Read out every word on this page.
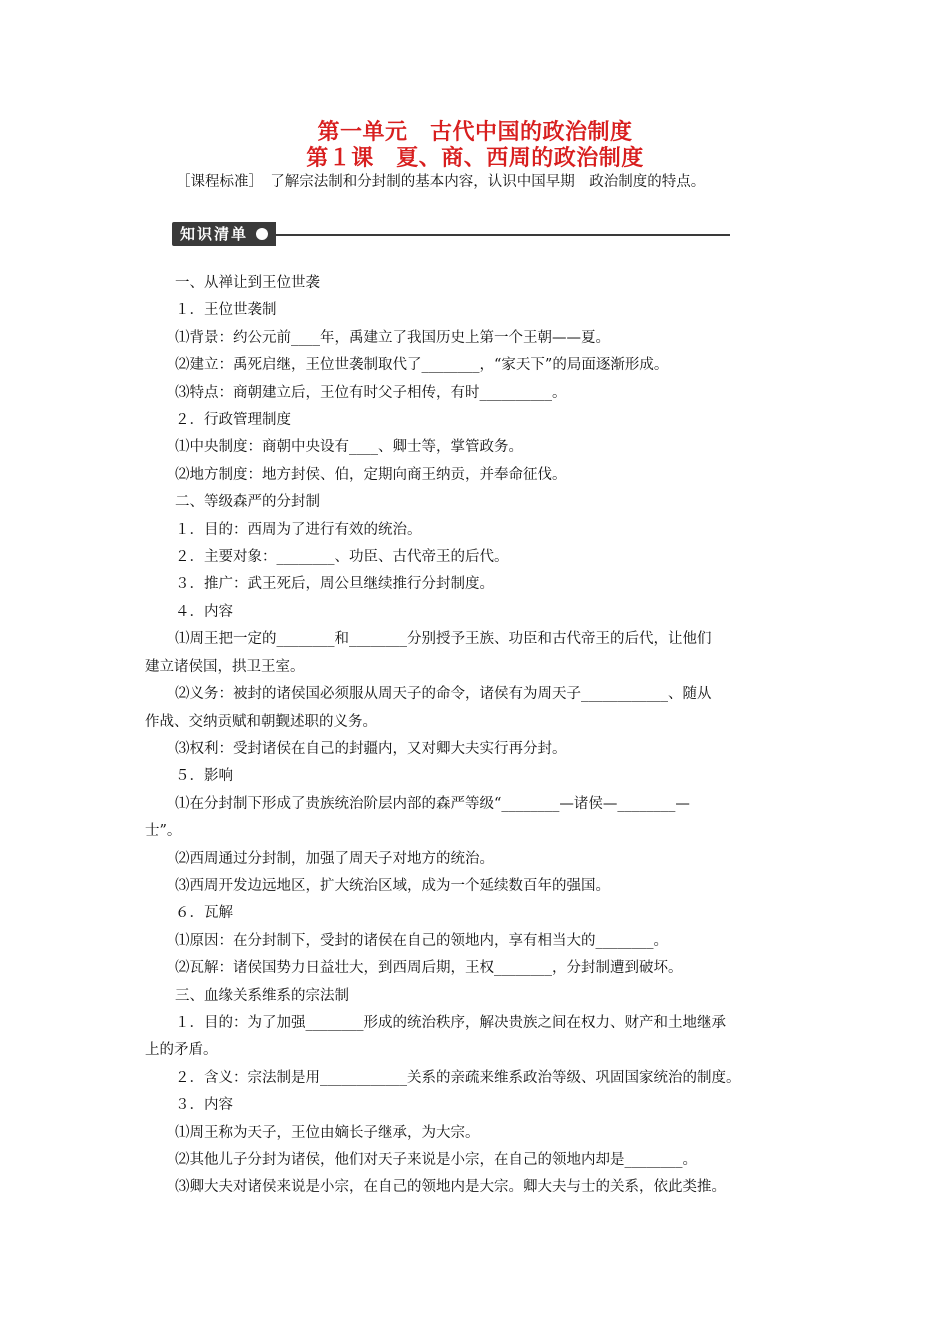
第一单元　古代中国的政治制度
第１课　夏、商、西周的政治制度
［课程标准］　了解宗法制和分封制的基本内容，认识中国早期　政治制度的特点。
知识清单
一、从禅让到王位世袭
１．王位世袭制
⑴背景：约公元前____年，禹建立了我国历史上第一个王朝——夏。
⑵建立：禹死启继，王位世袭制取代了________，“家天下”的局面逐渐形成。
⑶特点：商朝建立后，王位有时父子相传，有时__________。
２．行政管理制度
⑴中央制度：商朝中央设有____、卿士等，掌管政务。
⑵地方制度：地方封侯、伯，定期向商王纳贡，并奉命征伐。
二、等级森严的分封制
１．目的：西周为了进行有效的统治。
２．主要对象：________、功臣、古代帝王的后代。
３．推广：武王死后，周公旦继续推行分封制度。
４．内容
⑴周王把一定的________和________分别授予王族、功臣和古代帝王的后代，让他们
建立诸侯国，拱卫王室。
⑵义务：被封的诸侯国必须服从周天子的命令，诸侯有为周天子____________、随从
作战、交纳贡赋和朝觐述职的义务。
⑶权利：受封诸侯在自己的封疆内，又对卿大夫实行再分封。
５．影响
⑴在分封制下形成了贵族统治阶层内部的森严等级“________—诸侯—________—
士”。
⑵西周通过分封制，加强了周天子对地方的统治。
⑶西周开发边远地区，扩大统治区域，成为一个延续数百年的强国。
６．瓦解
⑴原因：在分封制下，受封的诸侯在自己的领地内，享有相当大的________。
⑵瓦解：诸侯国势力日益壮大，到西周后期，王权________，分封制遭到破坏。
三、血缘关系维系的宗法制
１．目的：为了加强________形成的统治秩序，解决贵族之间在权力、财产和土地继承
上的矛盾。
２．含义：宗法制是用____________关系的亲疏来维系政治等级、巩固国家统治的制度。
３．内容
⑴周王称为天子，王位由嫡长子继承，为大宗。
⑵其他儿子分封为诸侯，他们对天子来说是小宗，在自己的领地内却是________。
⑶卿大夫对诸侯来说是小宗，在自己的领地内是大宗。卿大夫与士的关系，依此类推。
